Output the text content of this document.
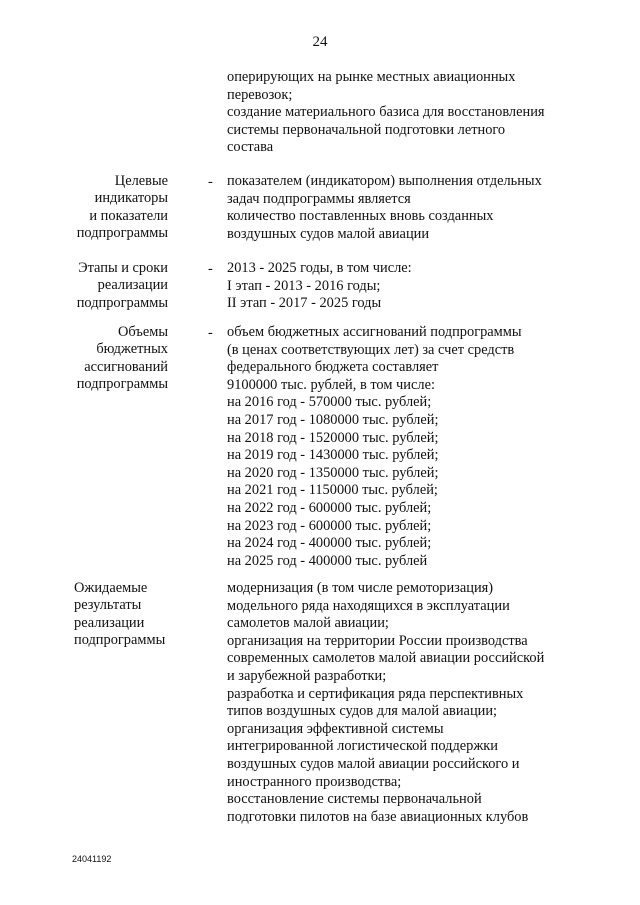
24
оперирующих на рынке местных авиационных
перевозок;
создание материального базиса для восстановления
системы первоначальной подготовки летного
состава
Целевые
индикаторы
и показатели
подпрограммы
- показателем (индикатором) выполнения отдельных
задач подпрограммы является
количество поставленных вновь созданных
воздушных судов малой авиации
Этапы и сроки
реализации
подпрограммы
- 2013 - 2025 годы, в том числе:
I этап - 2013 - 2016 годы;
II этап - 2017 - 2025 годы
Объемы
бюджетных
ассигнований
подпрограммы
- объем бюджетных ассигнований подпрограммы
(в ценах соответствующих лет) за счет средств
федерального бюджета составляет
9100000 тыс. рублей, в том числе:
на 2016 год - 570000 тыс. рублей;
на 2017 год - 1080000 тыс. рублей;
на 2018 год - 1520000 тыс. рублей;
на 2019 год - 1430000 тыс. рублей;
на 2020 год - 1350000 тыс. рублей;
на 2021 год - 1150000 тыс. рублей;
на 2022 год - 600000 тыс. рублей;
на 2023 год - 600000 тыс. рублей;
на 2024 год - 400000 тыс. рублей;
на 2025 год - 400000 тыс. рублей
Ожидаемые
результаты
реализации
подпрограммы
модернизация (в том числе ремоторизация)
модельного ряда находящихся в эксплуатации
самолетов малой авиации;
организация на территории России производства
современных самолетов малой авиации российской
и зарубежной разработки;
разработка и сертификация ряда перспективных
типов воздушных судов для малой авиации;
организация эффективной системы
интегрированной логистической поддержки
воздушных судов малой авиации российского и
иностранного производства;
восстановление системы первоначальной
подготовки пилотов на базе авиационных клубов
24041192
